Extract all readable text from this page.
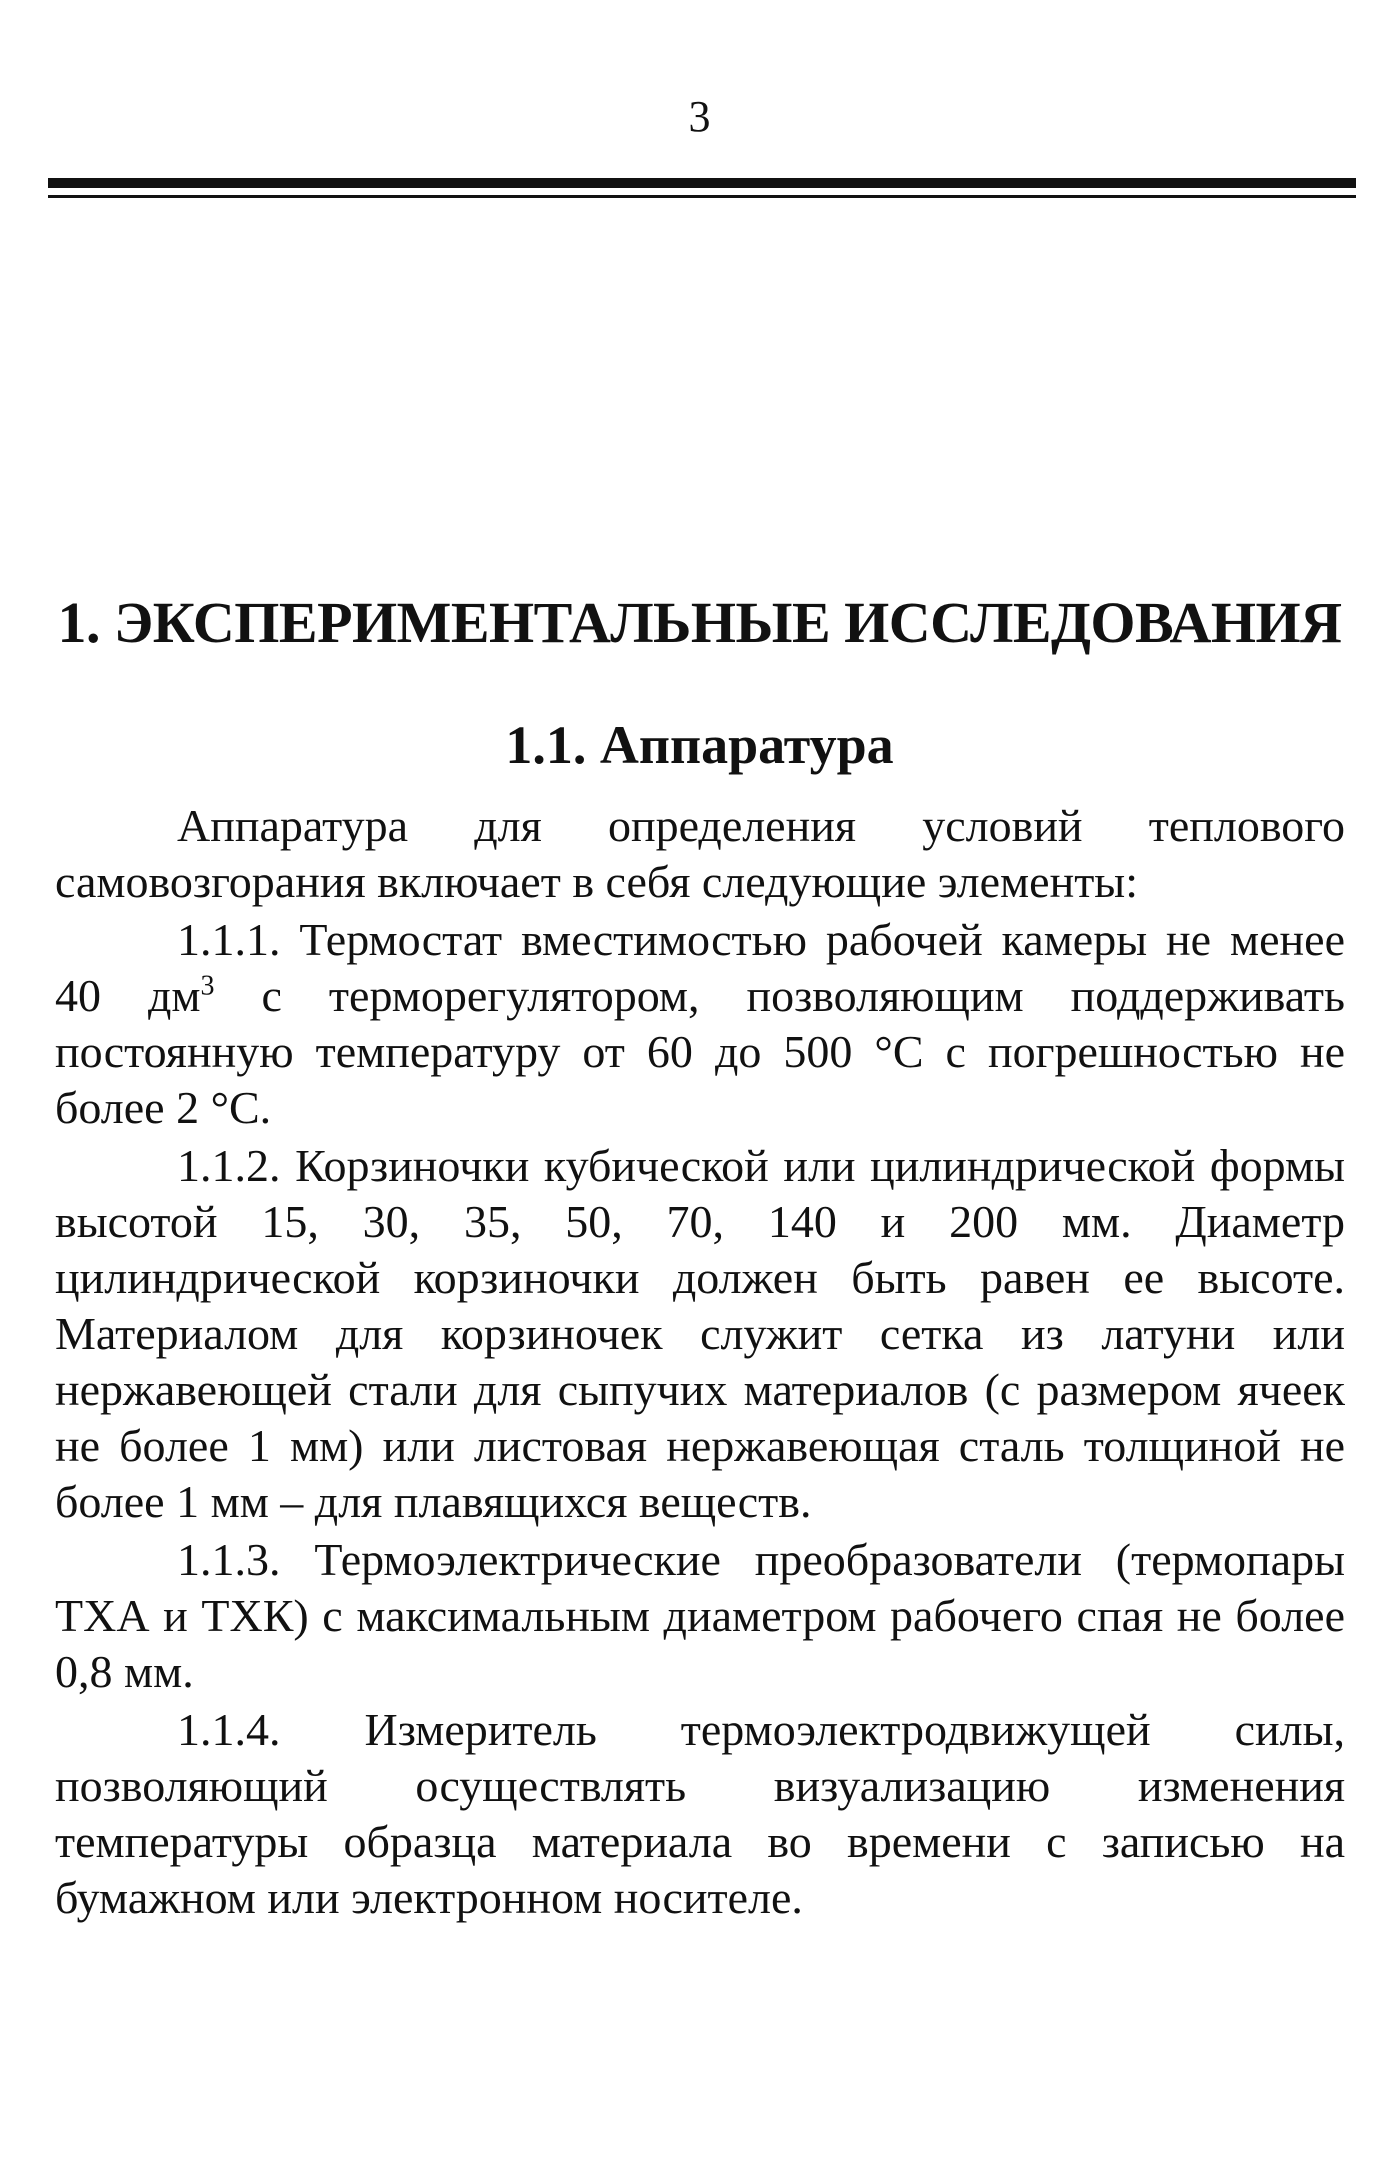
3
1. ЭКСПЕРИМЕНТАЛЬНЫЕ ИССЛЕДОВАНИЯ
1.1. Аппаратура

Аппаратура для определения условий теплового самовозгорания включает в себя следующие элементы:

1.1.1. Термостат вместимостью рабочей камеры не менее 40 $дм^3$ с терморегулятором, позволяющим поддерживать постоянную температуру от 60 до 500 °С с погрешностью не более 2 °С.

1.1.2. Корзиночки кубической или цилиндрической формы высотой 15, 30, 35, 50, 70, 140 и 200 мм. Диаметр цилиндрической корзиночки должен быть равен ее высоте. Материалом для корзиночек служит сетка из латуни или нержавеющей стали для сыпучих материалов (с размером ячеек не более 1 мм) или листовая нержавеющая сталь толщиной не более 1 мм – для плавящихся веществ.

1.1.3. Термоэлектрические преобразователи (термопары ТХА и ТХК) с максимальным диаметром рабочего спая не более 0,8 мм.

1.1.4. Измеритель термоэлектродвижущей силы, позволяющий осуществлять визуализацию изменения температуры образца материала во времени с записью на бумажном или электронном носителе.
